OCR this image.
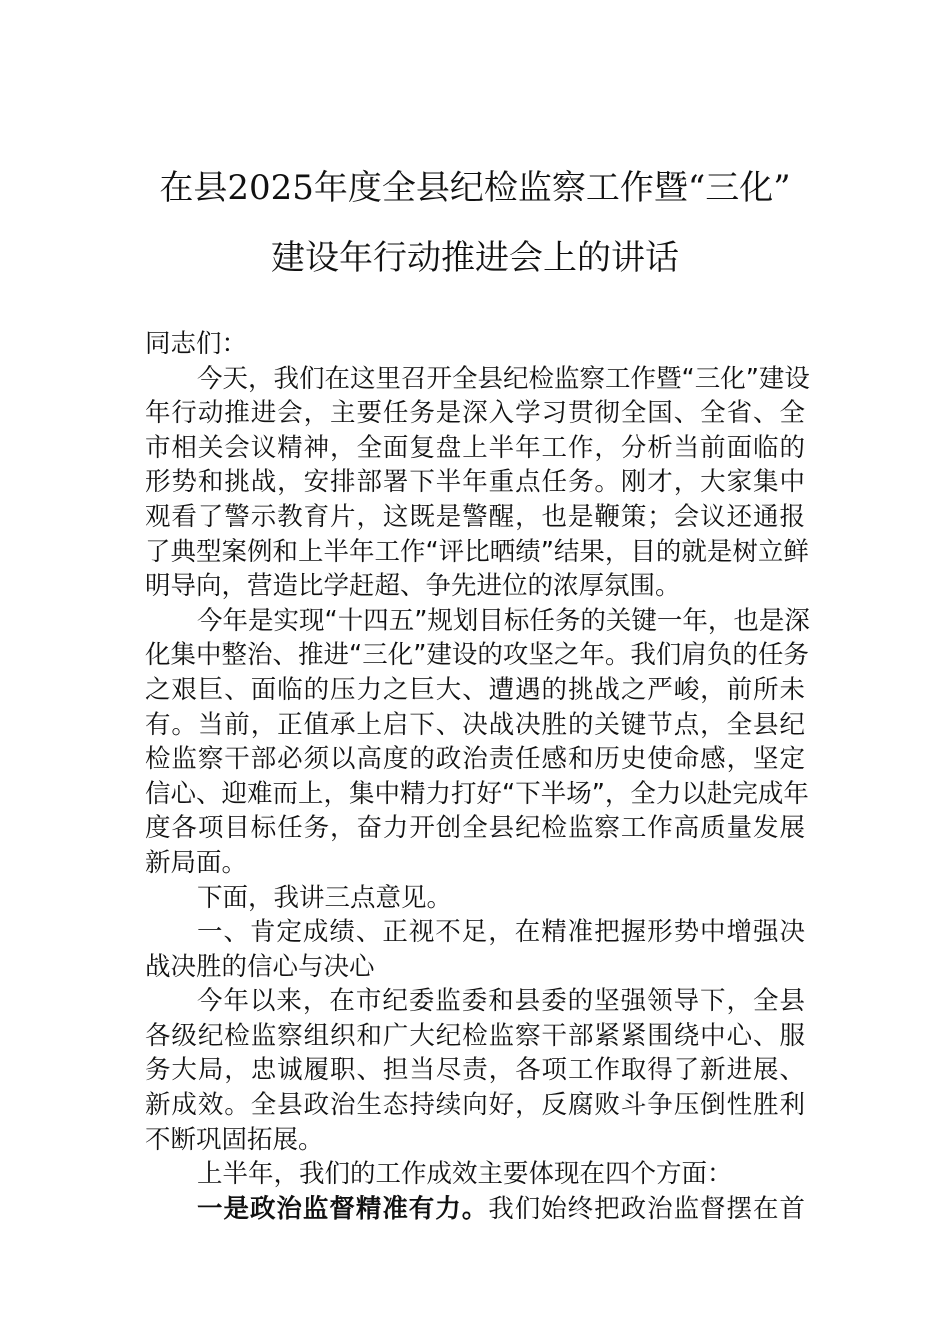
在县2025年度全县纪检监察工作暨“三化”
建设年行动推进会上的讲话
同志们：
今天，我们在这里召开全县纪检监察工作暨“三化”建设
年行动推进会，主要任务是深入学习贯彻全国、全省、全
市相关会议精神，全面复盘上半年工作，分析当前面临的
形势和挑战，安排部署下半年重点任务。刚才，大家集中
观看了警示教育片，这既是警醒，也是鞭策；会议还通报
了典型案例和上半年工作“评比晒绩”结果，目的就是树立鲜
明导向，营造比学赶超、争先进位的浓厚氛围。
今年是实现“十四五”规划目标任务的关键一年，也是深
化集中整治、推进“三化”建设的攻坚之年。我们肩负的任务
之艰巨、面临的压力之巨大、遭遇的挑战之严峻，前所未
有。当前，正值承上启下、决战决胜的关键节点，全县纪
检监察干部必须以高度的政治责任感和历史使命感，坚定
信心、迎难而上，集中精力打好“下半场”，全力以赴完成年
度各项目标任务，奋力开创全县纪检监察工作高质量发展
新局面。
下面，我讲三点意见。
一、肯定成绩、正视不足，在精准把握形势中增强决
战决胜的信心与决心
今年以来，在市纪委监委和县委的坚强领导下，全县
各级纪检监察组织和广大纪检监察干部紧紧围绕中心、服
务大局，忠诚履职、担当尽责，各项工作取得了新进展、
新成效。全县政治生态持续向好，反腐败斗争压倒性胜利
不断巩固拓展。
上半年，我们的工作成效主要体现在四个方面：
一是政治监督精准有力。我们始终把政治监督摆在首
